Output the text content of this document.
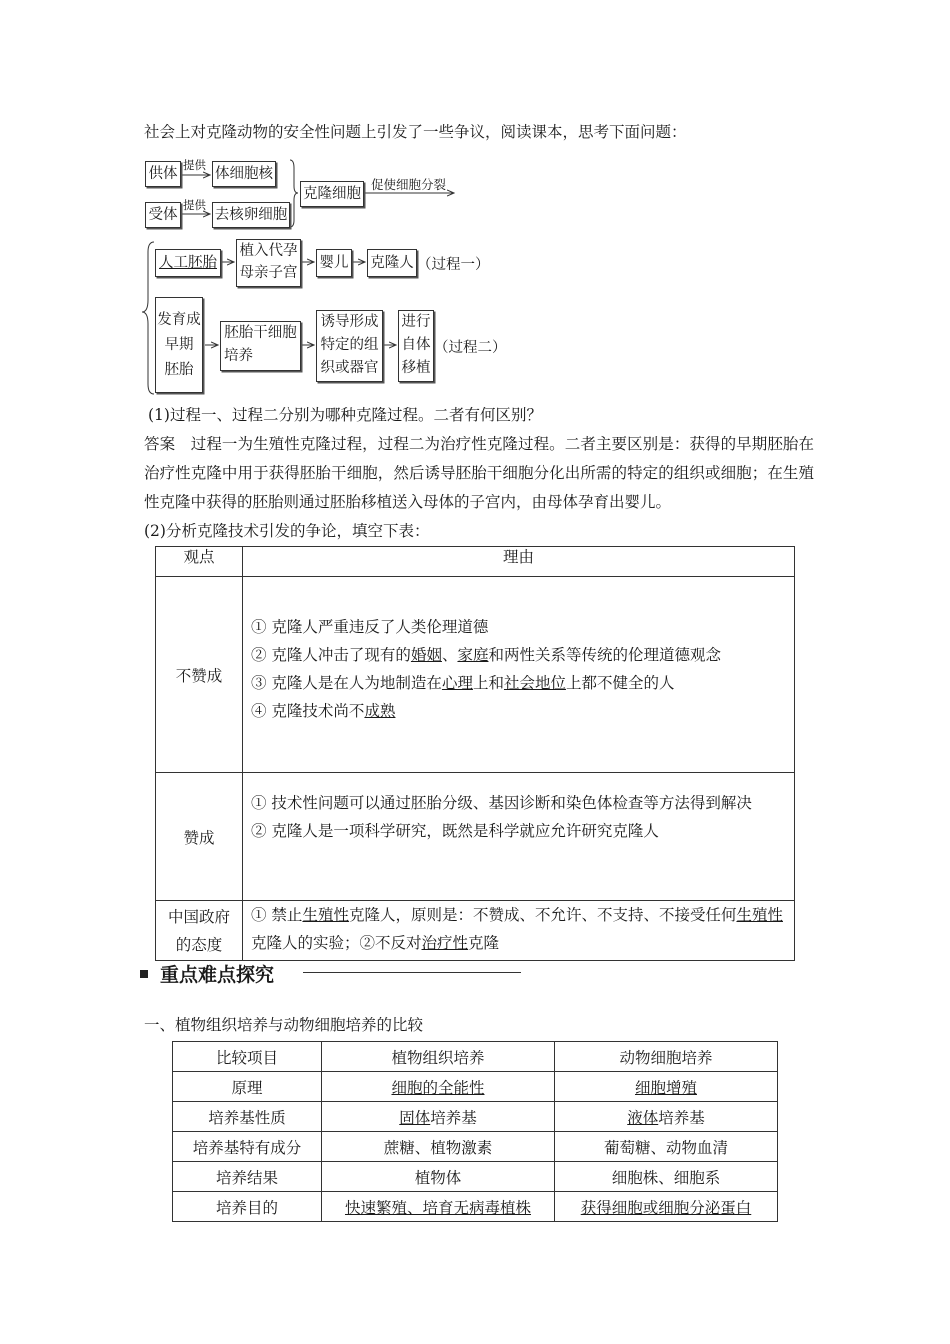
社会上对克隆动物的安全性问题上引发了一些争议，阅读课本，思考下面问题：
供体
受体
提供
提供
体细胞核
去核卵细胞
克隆细胞
促使细胞分裂
人工胚胎
植入代孕
母亲子宫
婴儿 克隆人 （过程一）
发育成
早期
胚胎
胚胎干细胞
培养
诱导形成
特定的组
织或器官
进行
自体
移植
（过程二）
(1)过程一、过程二分别为哪种克隆过程。二者有何区别？
答案　过程一为生殖性克隆过程，过程二为治疗性克隆过程。二者主要区别是：获得的早期胚胎在治疗性克隆中用于获得胚胎干细胞，然后诱导胚胎干细胞分化出所需的特定的组织或细胞；在生殖性克隆中获得的胚胎则通过胚胎移植送入母体的子宫内，由母体孕育出婴儿。
(2)分析克隆技术引发的争论，填空下表：
观点	理由
不赞成	① 克隆人严重违反了人类伦理道德
② 克隆人冲击了现有的婚姻、家庭和两性关系等传统的伦理道德观念
③ 克隆人是在人为地制造在心理上和社会地位上都不健全的人
④ 克隆技术尚不成熟

赞成	① 技术性问题可以通过胚胎分级、基因诊断和染色体检查等方法得到解决
② 克隆人是一项科学研究，既然是科学就应允许研究克隆人

中国政府
的态度	① 禁止生殖性克隆人，原则是：不赞成、不允许、不支持、不接受任何生殖性克隆人的实验；②不反对治疗性克隆
重点难点探究
一、植物组织培养与动物细胞培养的比较
比较项目	植物组织培养	动物细胞培养
原理	细胞的全能性	细胞增殖
培养基性质	固体培养基	液体培养基
培养基特有成分	蔗糖、植物激素	葡萄糖、动物血清
培养结果	植物体	细胞株、细胞系
培养目的	快速繁殖、培育无病毒植株	获得细胞或细胞分泌蛋白
